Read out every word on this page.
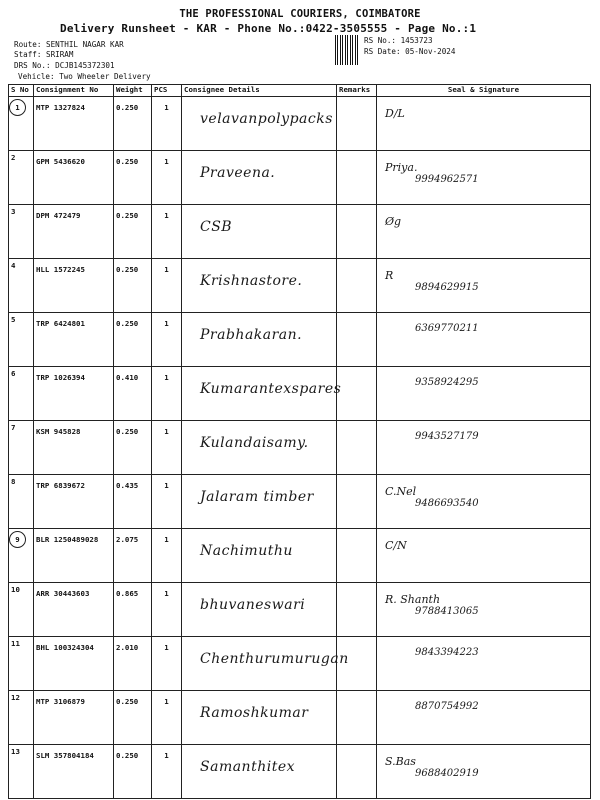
THE PROFESSIONAL COURIERS, COIMBATORE
Delivery Runsheet - KAR - Phone No.:0422-3505555 - Page No.:1
Route: SENTHIL NAGAR KAR
Staff: SRIRAM
DRS No.: DCJB145372301
Vehicle: Two Wheeler Delivery
RS No.: 1453723
RS Date: 05-Nov-2024
S No	Consignment No	Weight	PCS	Consignee Details	Remarks	Seal & Signature
1	MTP 1327824	0.250	1	velavanpolypacks		D/L

2	GPM 5436620	0.250	1	Praveena.		Priya.
9994962571

3	DPM 472479	0.250	1	CSB		Øg

4	HLL 1572245	0.250	1	Krishnastore.		R
9894629915

5	TRP 6424801	0.250	1	Prabhakaran.		6369770211

6	TRP 1026394	0.410	1	Kumarantexspares		9358924295

7	KSM 945828	0.250	1	Kulandaisamy.		9943527179

8	TRP 6839672	0.435	1	Jalaram timber		C.Nel
9486693540

9	BLR 1250489028	2.075	1	Nachimuthu		C/N

10	ARR 30443603	0.865	1	bhuvaneswari		R. Shanth
9788413065

11	BHL 100324304	2.010	1	Chenthurumurugan		9843394223

12	MTP 3106879	0.250	1	Ramoshkumar		8870754992

13	SLM 357804184	0.250	1	Samanthitex		S.Bas
9688402919
